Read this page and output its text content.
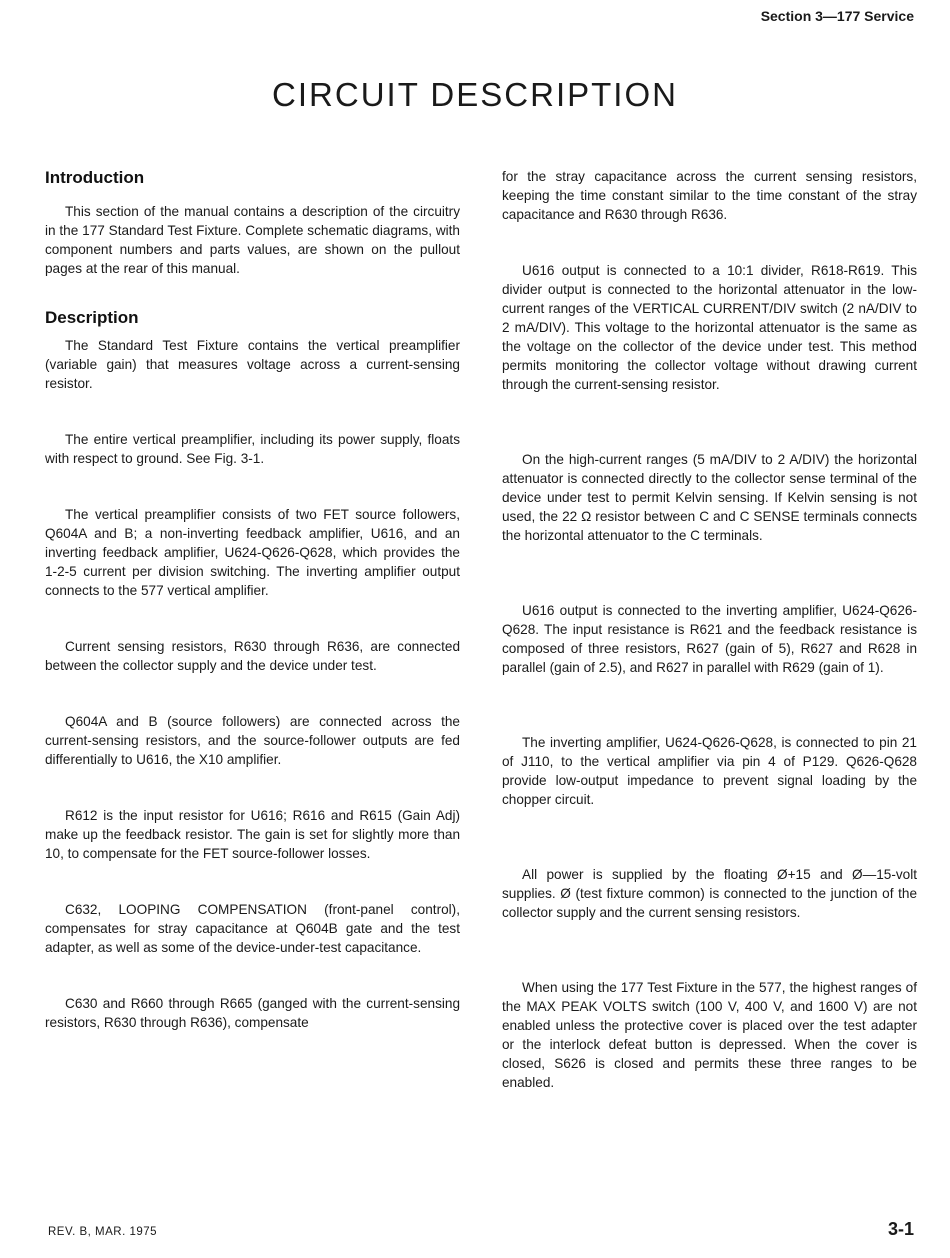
Section 3—177 Service
CIRCUIT DESCRIPTION
Introduction

This section of the manual contains a description of the circuitry in the 177 Standard Test Fixture. Complete schematic diagrams, with component numbers and parts values, are shown on the pullout pages at the rear of this manual.

Description

The Standard Test Fixture contains the vertical preamplifier (variable gain) that measures voltage across a current-sensing resistor.

The entire vertical preamplifier, including its power supply, floats with respect to ground. See Fig. 3-1.

The vertical preamplifier consists of two FET source followers, Q604A and B; a non-inverting feedback amplifier, U616, and an inverting feedback amplifier, U624-Q626-Q628, which provides the 1-2-5 current per division switching. The inverting amplifier output connects to the 577 vertical amplifier.

Current sensing resistors, R630 through R636, are connected between the collector supply and the device under test.

Q604A and B (source followers) are connected across the current-sensing resistors, and the source-follower outputs are fed differentially to U616, the X10 amplifier.

R612 is the input resistor for U616; R616 and R615 (Gain Adj) make up the feedback resistor. The gain is set for slightly more than 10, to compensate for the FET source-follower losses.

C632, LOOPING COMPENSATION (front-panel control), compensates for stray capacitance at Q604B gate and the test adapter, as well as some of the device-under-test capacitance.

C630 and R660 through R665 (ganged with the current-sensing resistors, R630 through R636), compensate

for the stray capacitance across the current sensing resistors, keeping the time constant similar to the time constant of the stray capacitance and R630 through R636.

U616 output is connected to a 10:1 divider, R618-R619. This divider output is connected to the horizontal attenuator in the low-current ranges of the VERTICAL CURRENT/DIV switch (2 nA/DIV to 2 mA/DIV). This voltage to the horizontal attenuator is the same as the voltage on the collector of the device under test. This method permits monitoring the collector voltage without drawing current through the current-sensing resistor.

On the high-current ranges (5 mA/DIV to 2 A/DIV) the horizontal attenuator is connected directly to the collector sense terminal of the device under test to permit Kelvin sensing. If Kelvin sensing is not used, the 22 Ω resistor between C and C SENSE terminals connects the horizontal attenuator to the C terminals.

U616 output is connected to the inverting amplifier, U624-Q626-Q628. The input resistance is R621 and the feedback resistance is composed of three resistors, R627 (gain of 5), R627 and R628 in parallel (gain of 2.5), and R627 in parallel with R629 (gain of 1).

The inverting amplifier, U624-Q626-Q628, is connected to pin 21 of J110, to the vertical amplifier via pin 4 of P129. Q626-Q628 provide low-output impedance to prevent signal loading by the chopper circuit.

All power is supplied by the floating Ø+15 and Ø—15-volt supplies. Ø (test fixture common) is connected to the junction of the collector supply and the current sensing resistors.

When using the 177 Test Fixture in the 577, the highest ranges of the MAX PEAK VOLTS switch (100 V, 400 V, and 1600 V) are not enabled unless the protective cover is placed over the test adapter or the interlock defeat button is depressed. When the cover is closed, S626 is closed and permits these three ranges to be enabled.

REV. B, MAR. 1975	3-1
